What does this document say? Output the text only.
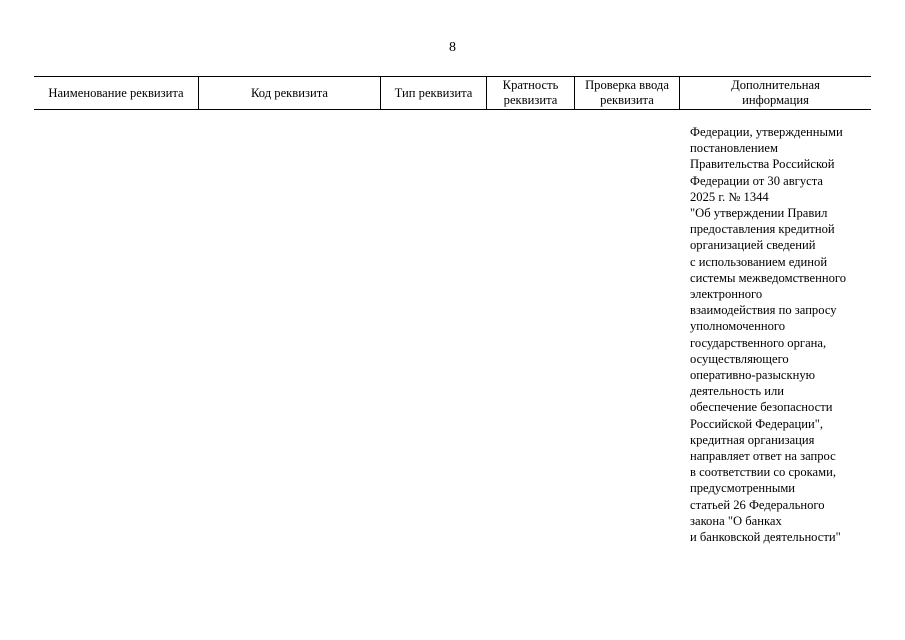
8
Наименование реквизита	Код реквизита	Тип реквизита
Кратность
реквизита
Проверка ввода
реквизита
Дополнительная
информация
Федерации, утвержденными
постановлением
Правительства Российской
Федерации от 30 августа
2025 г. № 1344
"Об утверждении Правил
предоставления кредитной
организацией сведений
с использованием единой
системы межведомственного
электронного
взаимодействия по запросу
уполномоченного
государственного органа,
осуществляющего
оперативно-разыскную
деятельность или
обеспечение безопасности
Российской Федерации",
кредитная организация
направляет ответ на запрос
в соответствии со сроками,
предусмотренными
статьей 26 Федерального
закона "О банках
и банковской деятельности"
